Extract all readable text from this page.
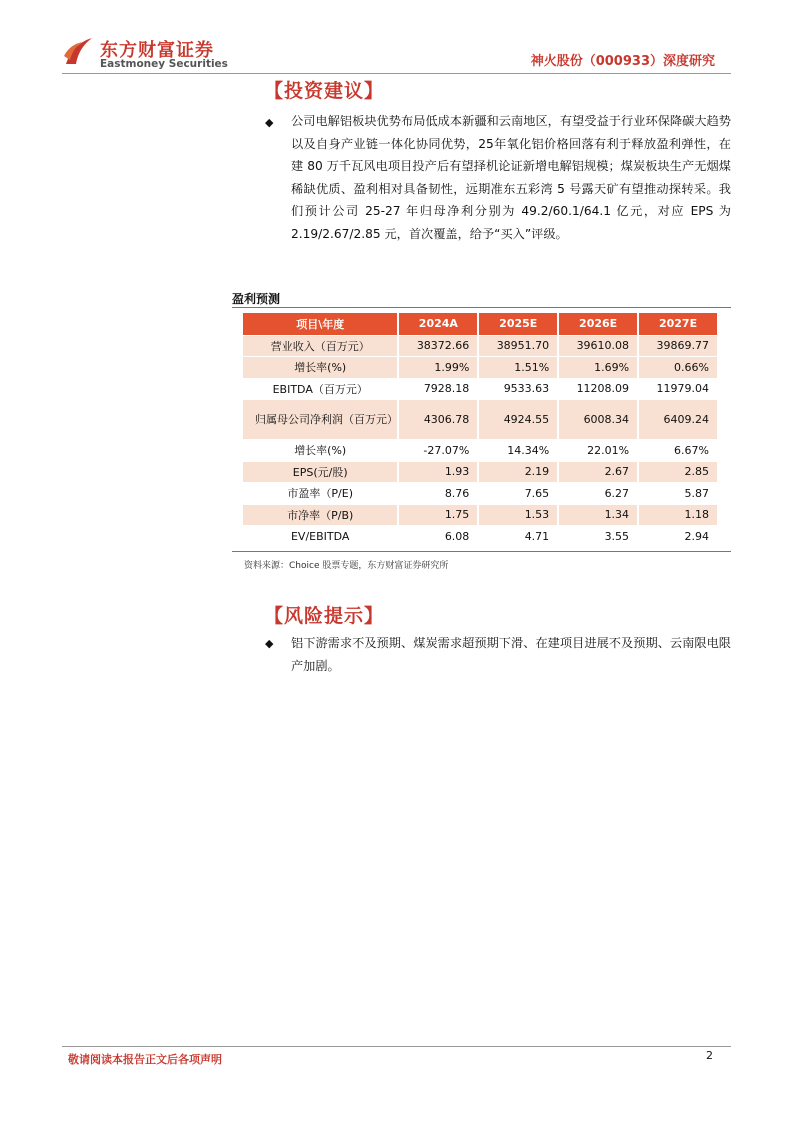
东方财富证券
Eastmoney Securities	神火股份（000933）深度研究
【投资建议】
◆ 公司电解铝板块优势布局低成本新疆和云南地区，有望受益于行业环保降碳大趋势以及自身产业链一体化协同优势，25年氧化铝价格回落有利于释放盈利弹性，在建 80 万千瓦风电项目投产后有望择机论证新增电解铝规模；煤炭板块生产无烟煤稀缺优质、盈利相对具备韧性，远期准东五彩湾 5 号露天矿有望推动探转采。我们预计公司 25-27 年归母净利分别为 49.2/60.1/64.1 亿元，对应 EPS 为 2.19/2.67/2.85 元，首次覆盖，给予“买入”评级。

盈利预测
项目\年度	2024A	2025E	2026E	2027E
营业收入（百万元）	38372.66	38951.70	39610.08	39869.77
增长率(%)	1.99%	1.51%	1.69%	0.66%
EBITDA（百万元）	7928.18	9533.63	11208.09	11979.04
归属母公司净利润（百万元）	4306.78	4924.55	6008.34	6409.24
增长率(%)	-27.07%	14.34%	22.01%	6.67%
EPS(元/股)	1.93	2.19	2.67	2.85
市盈率（P/E)	8.76	7.65	6.27	5.87
市净率（P/B)	1.75	1.53	1.34	1.18
EV/EBITDA	6.08	4.71	3.55	2.94
资料来源：Choice 股票专题，东方财富证券研究所
【风险提示】
◆ 铝下游需求不及预期、煤炭需求超预期下滑、在建项目进展不及预期、云南限电限产加剧。

敬请阅读本报告正文后各项声明	2
